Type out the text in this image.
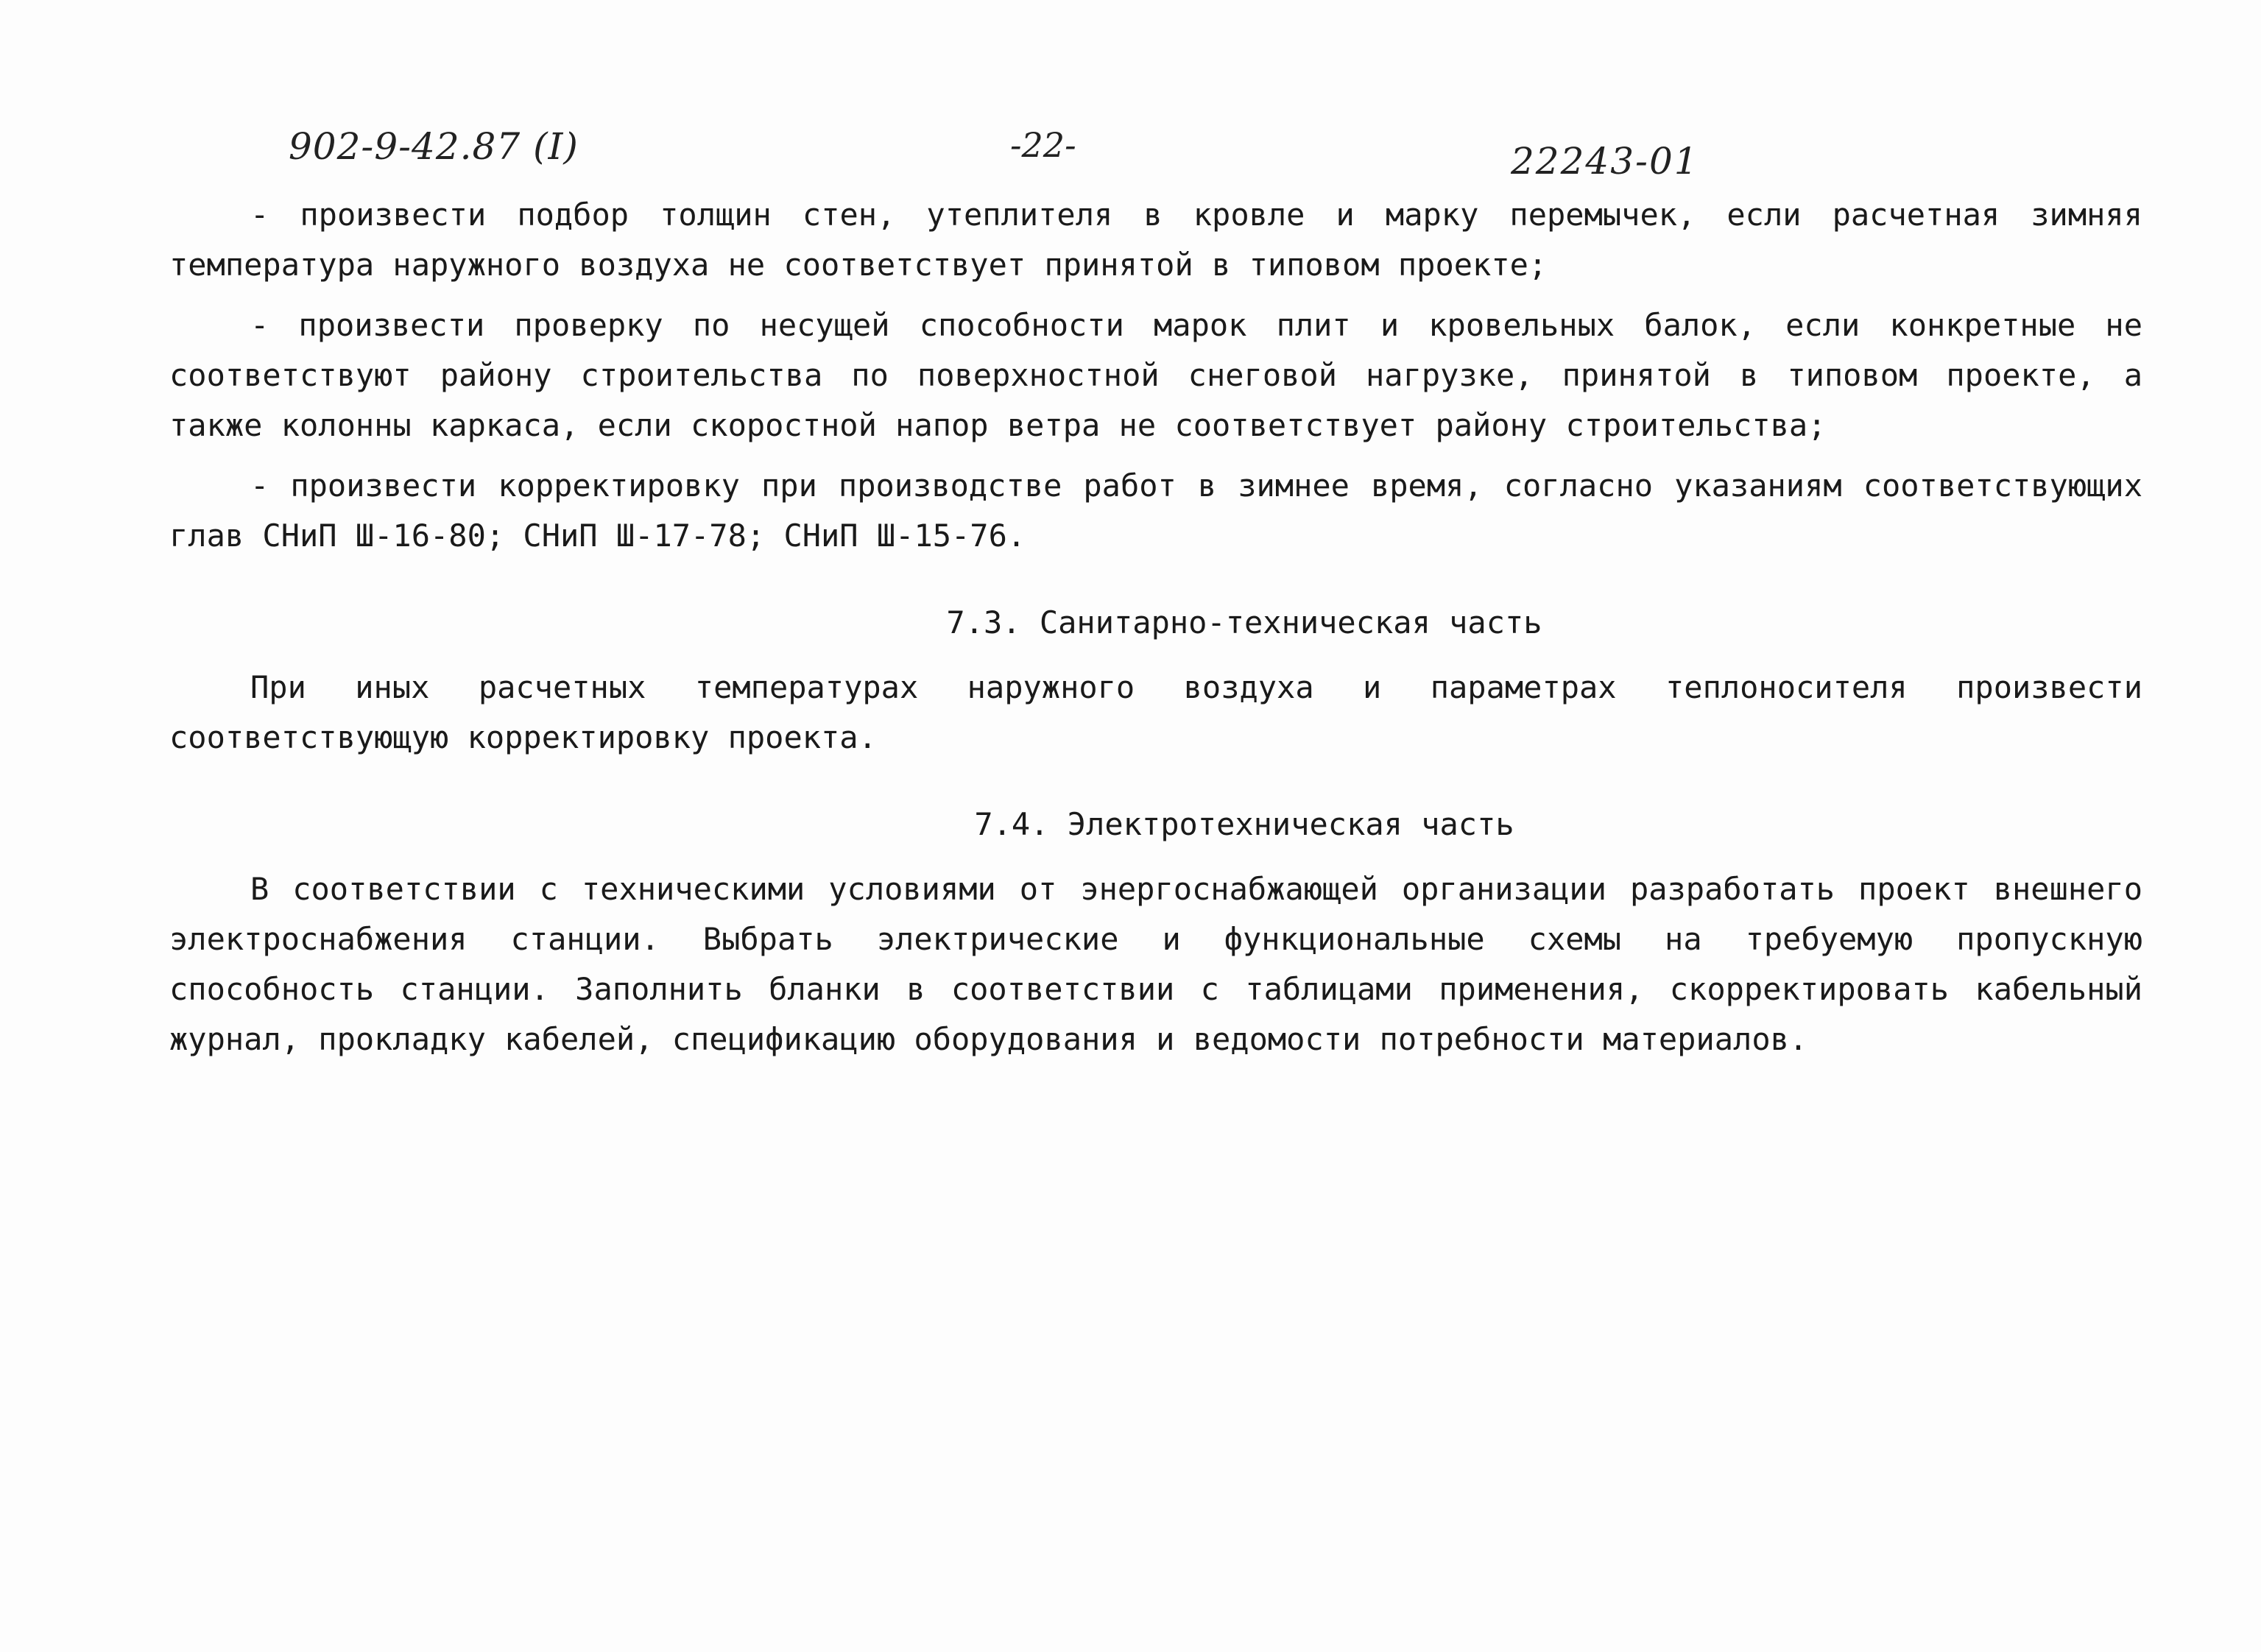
902-9-42.87 (I)	-22-	22243-01

- произвести подбор толщин стен, утеплителя в кровле и марку перемычек, если расчетная зимняя температура наружного воздуха не соответствует принятой в типовом проекте;

- произвести проверку по несущей способности марок плит и кровельных балок, если конкретные не соответствуют району строительства по поверхностной снеговой нагрузке, принятой в типовом проекте, а также колонны каркаса, если скоростной напор ветра не соответствует району строительства;

- произвести корректировку при производстве работ в зимнее время, согласно указаниям соответствующих глав СНиП Ш-16-80; СНиП Ш-17-78; СНиП Ш-15-76.

7.3. Санитарно-техническая часть

При иных расчетных температурах наружного воздуха и параметрах теплоносителя произвести соответствующую корректировку проекта.

7.4. Электротехническая часть

В соответствии с техническими условиями от энергоснабжающей организации разработать проект внешнего электроснабжения станции. Выбрать электрические и функциональные схемы на требуемую пропускную способность станции. Заполнить бланки в соответствии с таблицами применения, скорректировать кабельный журнал, прокладку кабелей, спецификацию оборудования и ведомости потребности материалов.
